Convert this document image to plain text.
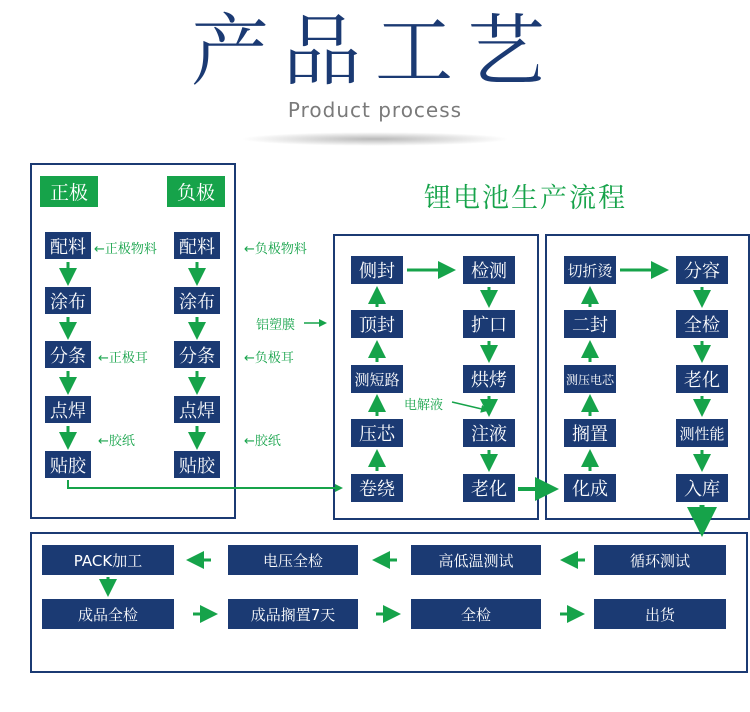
产品工艺
Product process
锂电池生产流程
正极	负极
配料
涂布
分条
点焊
贴胶
配料
涂布
分条
点焊
贴胶
←正极物料	←负极物料
←正极耳	←负极耳
←胶纸	←胶纸
铝塑膜
电解液
侧封
顶封
测短路
压芯
卷绕
检测
扩口
烘烤
注液
老化
切折烫
二封
测压电芯
搁置
化成
分容
全检
老化
测性能
入库
PACK加工	电压全检	高低温测试	循环测试
成品全检	成品搁置7天	全检	出货
